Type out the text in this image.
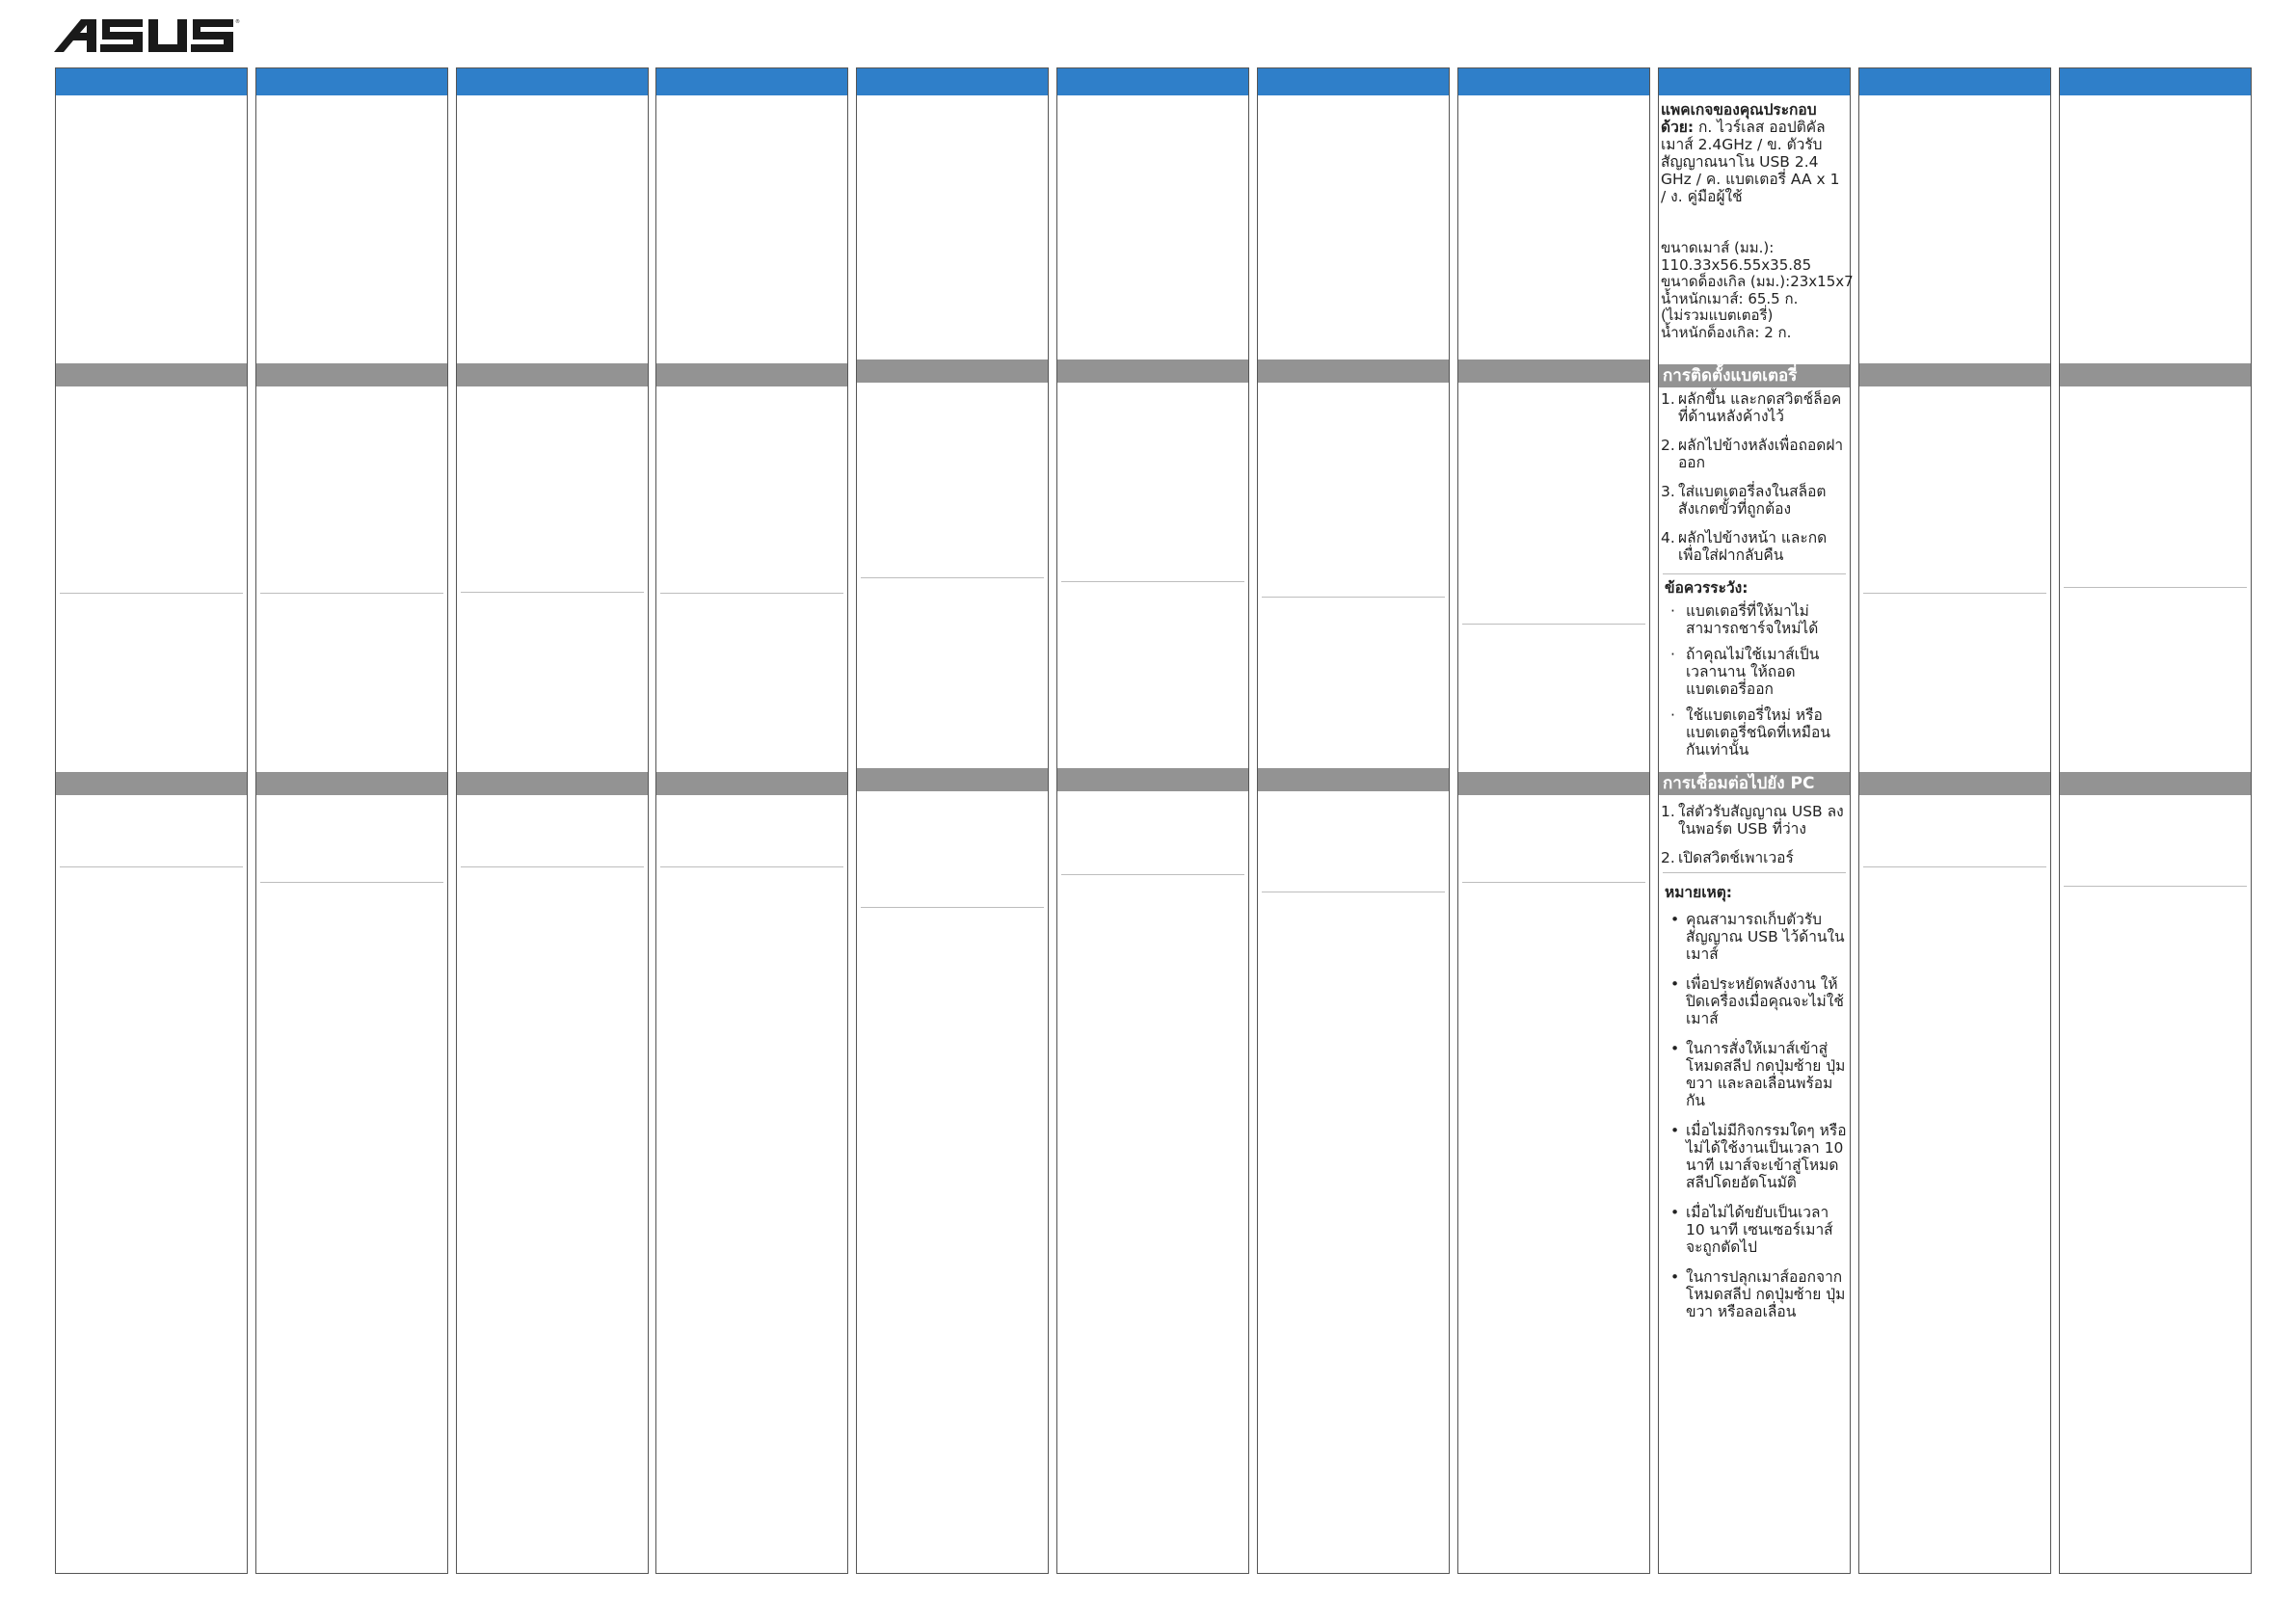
®
แพคเกจของคุณประกอบด้วย: ก. ไวร์เลส ออปติคัลเมาส์ 2.4GHz / ข. ตัวรับสัญญาณนาโน USB 2.4 GHz / ค. แบตเตอรี่ AA x 1 / ง. คู่มือผู้ใช้
ขนาดเมาส์ (มม.):
110.33x56.55x35.85
ขนาดด็องเกิล (มม.):23x15x7
น้ำหนักเมาส์: 65.5 ก.
(ไม่รวมแบตเตอรี่)
น้ำหนักด็องเกิล: 2 ก.
การติดตั้งแบตเตอรี่
1. ผลักขึ้น และกดสวิตช์ล็อคที่ด้านหลังค้างไว้
2. ผลักไปข้างหลังเพื่อถอดฝาออก
3. ใส่แบตเตอรี่ลงในสล็อต สังเกตขั้วที่ถูกต้อง
4. ผลักไปข้างหน้า และกดเพื่อใส่ฝากลับคืน
ข้อควรระวัง:
· แบตเตอรี่ที่ให้มาไม่สามารถชาร์จใหม่ได้
· ถ้าคุณไม่ใช้เมาส์เป็นเวลานาน ให้ถอดแบตเตอรี่ออก
· ใช้แบตเตอรี่ใหม่ หรือแบตเตอรี่ชนิดที่เหมือนกันเท่านั้น
การเชื่อมต่อไปยัง PC
1. ใส่ตัวรับสัญญาณ USB ลงในพอร์ต USB ที่ว่าง
2. เปิดสวิตช์เพาเวอร์
หมายเหตุ:
• คุณสามารถเก็บตัวรับสัญญาณ USB ไว้ด้านในเมาส์
• เพื่อประหยัดพลังงาน ให้ปิดเครื่องเมื่อคุณจะไม่ใช้เมาส์
• ในการสั่งให้เมาส์เข้าสู่โหมดสลีป กดปุ่มซ้าย ปุ่มขวา และลอเลื่อนพร้อมกัน
• เมื่อไม่มีกิจกรรมใดๆ หรือไม่ได้ใช้งานเป็นเวลา 10 นาที เมาส์จะเข้าสู่โหมดสลีปโดยอัตโนมัติ
• เมื่อไม่ได้ขยับเป็นเวลา 10 นาที เซนเซอร์เมาส์จะถูกตัดไป
• ในการปลุกเมาส์ออกจากโหมดสลีป กดปุ่มซ้าย ปุ่มขวา หรือลอเลื่อน
